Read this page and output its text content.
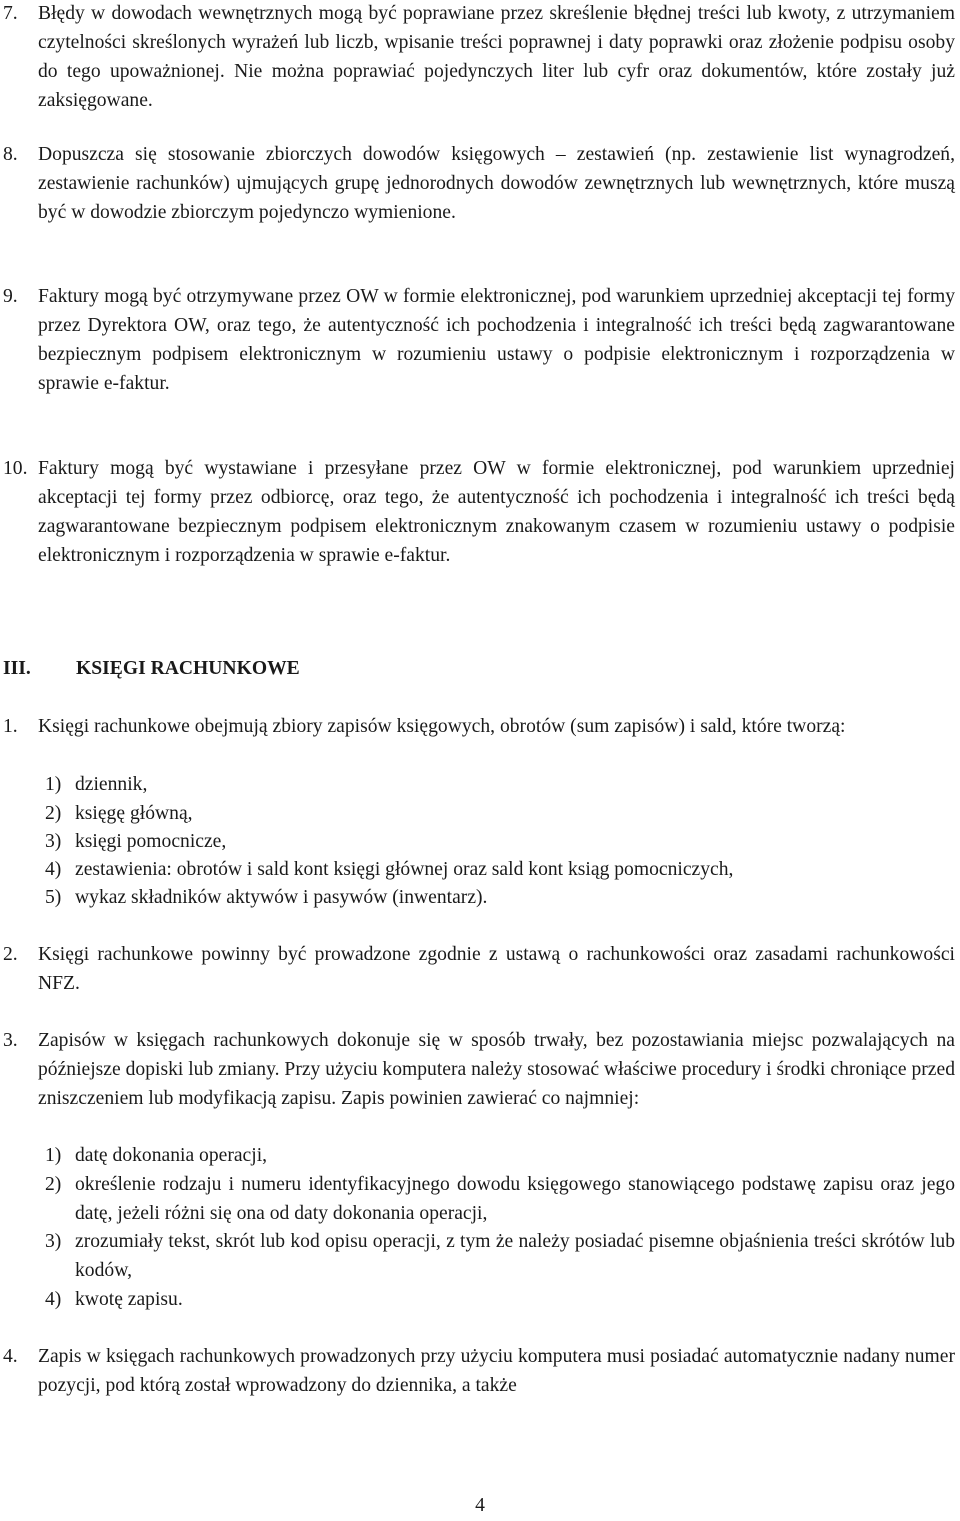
7. Błędy w dowodach wewnętrznych mogą być poprawiane przez skreślenie błędnej treści lub kwoty, z utrzymaniem czytelności skreślonych wyrażeń lub liczb, wpisanie treści poprawnej i daty poprawki oraz złożenie podpisu osoby do tego upoważnionej. Nie można poprawiać pojedynczych liter lub cyfr oraz dokumentów, które zostały już zaksięgowane.
8. Dopuszcza się stosowanie zbiorczych dowodów księgowych – zestawień (np. zestawienie list wynagrodzeń, zestawienie rachunków) ujmujących grupę jednorodnych dowodów zewnętrznych lub wewnętrznych, które muszą być w dowodzie zbiorczym pojedynczo wymienione.
9. Faktury mogą być otrzymywane przez OW w formie elektronicznej, pod warunkiem uprzedniej akceptacji tej formy przez Dyrektora OW, oraz tego, że autentyczność ich pochodzenia i integralność ich treści będą zagwarantowane bezpiecznym podpisem elektronicznym w rozumieniu ustawy o podpisie elektronicznym i rozporządzenia w sprawie e-faktur.
10. Faktury mogą być wystawiane i przesyłane przez OW w formie elektronicznej, pod warunkiem uprzedniej akceptacji tej formy przez odbiorcę, oraz tego, że autentyczność ich pochodzenia i integralność ich treści będą zagwarantowane bezpiecznym podpisem elektronicznym znakowanym czasem w rozumieniu ustawy o podpisie elektronicznym i rozporządzenia w sprawie e-faktur.
III. KSIĘGI RACHUNKOWE
1. Księgi rachunkowe obejmują zbiory zapisów księgowych, obrotów (sum zapisów) i sald, które tworzą:
1) dziennik,
2) księgę główną,
3) księgi pomocnicze,
4) zestawienia: obrotów i sald kont księgi głównej oraz sald kont ksiąg pomocniczych,
5) wykaz składników aktywów i pasywów (inwentarz).
2. Księgi rachunkowe powinny być prowadzone zgodnie z ustawą o rachunkowości oraz zasadami rachunkowości NFZ.
3. Zapisów w księgach rachunkowych dokonuje się w sposób trwały, bez pozostawiania miejsc pozwalających na późniejsze dopiski lub zmiany. Przy użyciu komputera należy stosować właściwe procedury i środki chroniące przed zniszczeniem lub modyfikacją zapisu. Zapis powinien zawierać co najmniej:
1) datę dokonania operacji,
2) określenie rodzaju i numeru identyfikacyjnego dowodu księgowego stanowiącego podstawę zapisu oraz jego datę, jeżeli różni się ona od daty dokonania operacji,
3) zrozumiały tekst, skrót lub kod opisu operacji, z tym że należy posiadać pisemne objaśnienia treści skrótów lub kodów,
4) kwotę zapisu.
4. Zapis w księgach rachunkowych prowadzonych przy użyciu komputera musi posiadać automatycznie nadany numer pozycji, pod którą został wprowadzony do dziennika, a także
4
